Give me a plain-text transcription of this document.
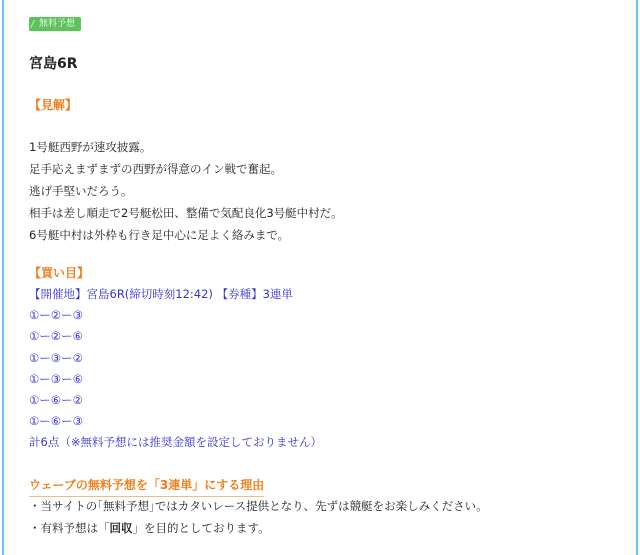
無料予想
宮島6R
【見解】
1号艇西野が速攻披露。
足手応えまずまずの西野が得意のイン戦で奮起。
逃げ手堅いだろう。
相手は差し順走で2号艇松田、整備で気配良化3号艇中村だ。
6号艇中村は外枠も行き足中心に足よく絡みまで。
【買い目】
【開催地】宮島6R(締切時刻12:42) 【券種】3連単
①ー②ー③
①ー②ー⑥
①ー③ー②
①ー③ー⑥
①ー⑥ー②
①ー⑥ー③
計6点（※無料予想には推奨金額を設定しておりません）
ウェーブの無料予想を「3連単」にする理由
・当サイトの｢無料予想｣ではカタいレース提供となり、先ずは競艇をお楽しみください。
・有料予想は「回収」を目的としております。
